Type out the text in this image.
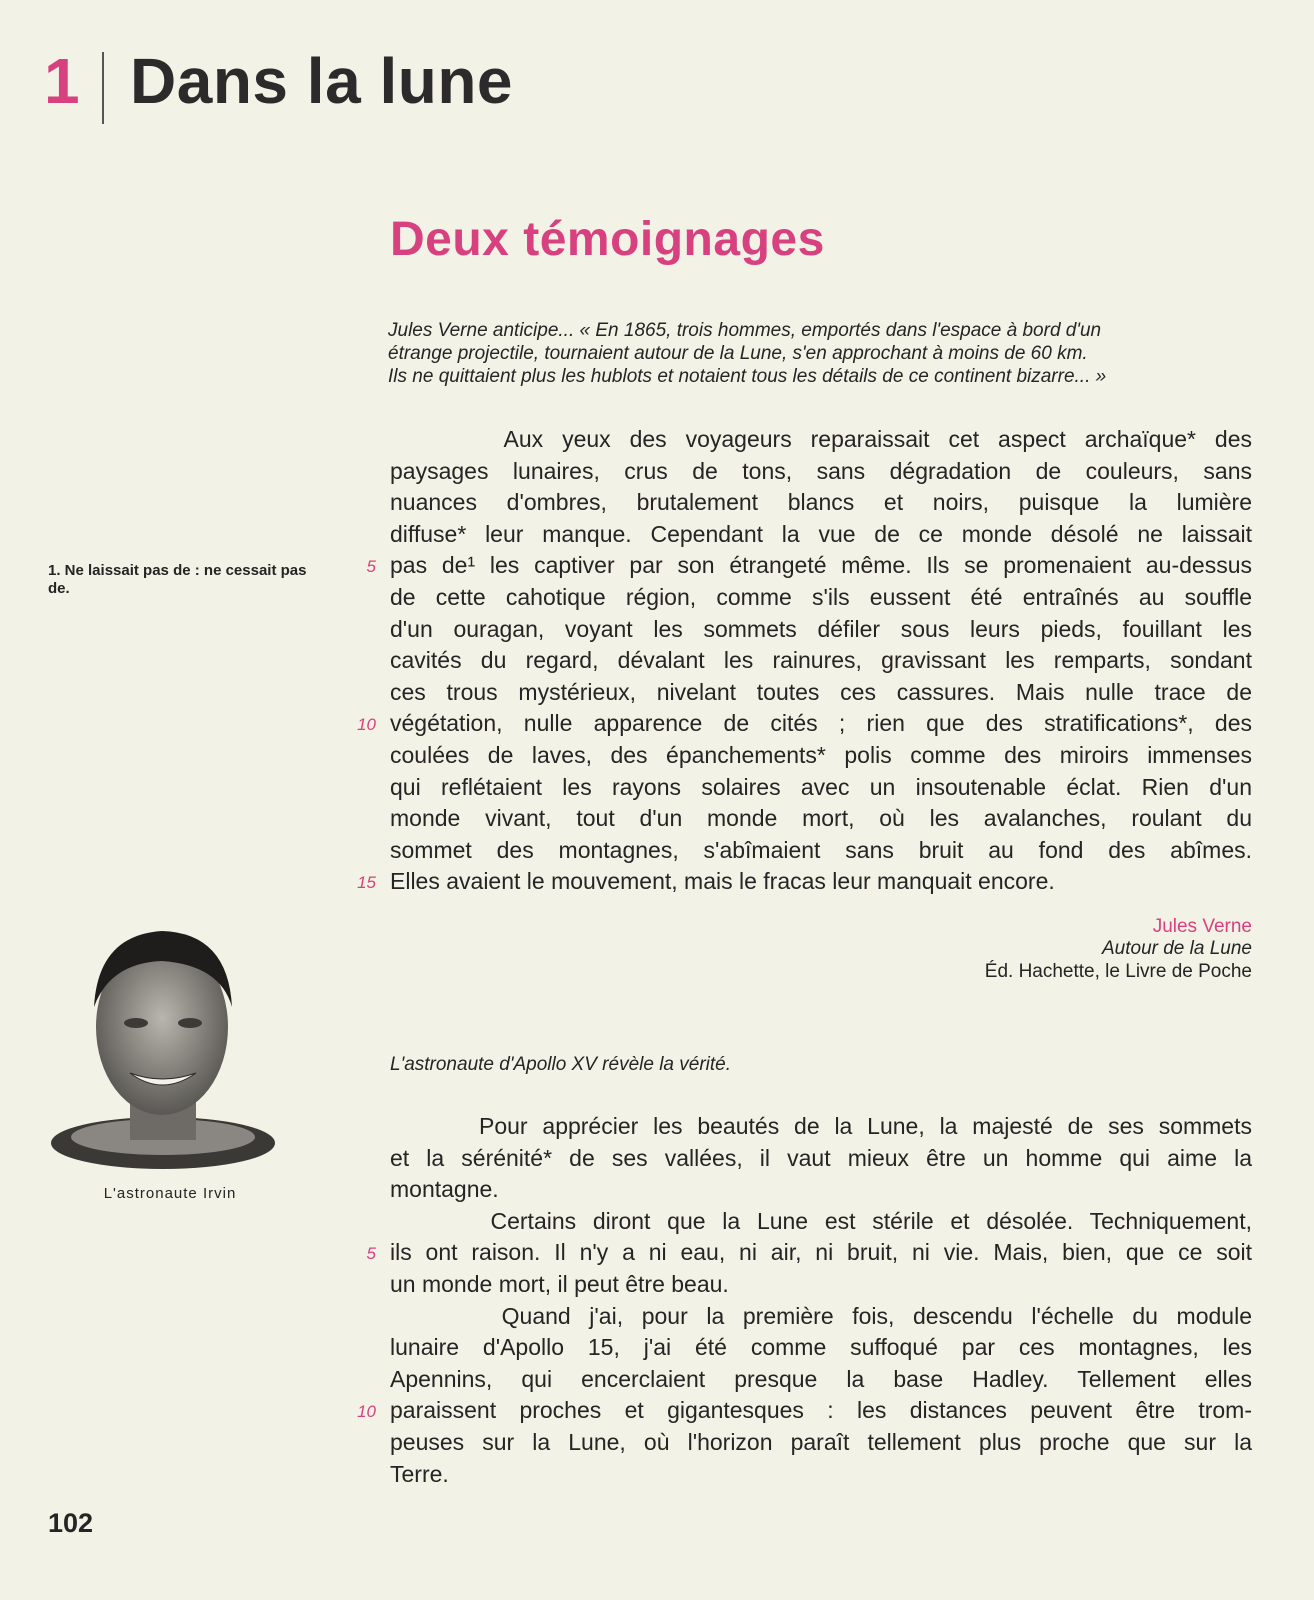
1 Dans la lune
Deux témoignages
Jules Verne anticipe... « En 1865, trois hommes, emportés dans l'espace à bord d'un
étrange projectile, tournaient autour de la Lune, s'en approchant à moins de 60 km.
Ils ne quittaient plus les hublots et notaient tous les détails de ce continent bizarre... »
Aux yeux des voyageurs reparaissait cet aspect archaïque* des
paysages lunaires, crus de tons, sans dégradation de couleurs, sans
nuances d'ombres, brutalement blancs et noirs, puisque la lumière
diffuse* leur manque. Cependant la vue de ce monde désolé ne laissait
pas de¹ les captiver par son étrangeté même. Ils se promenaient au-dessus
de cette cahotique région, comme s'ils eussent été entraînés au souffle
d'un ouragan, voyant les sommets défiler sous leurs pieds, fouillant les
cavités du regard, dévalant les rainures, gravissant les remparts, sondant
ces trous mystérieux, nivelant toutes ces cassures. Mais nulle trace de
végétation, nulle apparence de cités ; rien que des stratifications*, des
coulées de laves, des épanchements* polis comme des miroirs immenses
qui reflétaient les rayons solaires avec un insoutenable éclat. Rien d'un
monde vivant, tout d'un monde mort, où les avalanches, roulant du
sommet des montagnes, s'abîmaient sans bruit au fond des abîmes.
Elles avaient le mouvement, mais le fracas leur manquait encore.
5
10
15
1. Ne laissait pas de : ne cessait pas de.
Jules Verne
Autour de la Lune
Éd. Hachette, le Livre de Poche
L'astronaute d'Apollo XV révèle la vérité.
Pour apprécier les beautés de la Lune, la majesté de ses sommets
et la sérénité* de ses vallées, il vaut mieux être un homme qui aime la
montagne.
Certains diront que la Lune est stérile et désolée. Techniquement,
ils ont raison. Il n'y a ni eau, ni air, ni bruit, ni vie. Mais, bien, que ce soit
un monde mort, il peut être beau.
Quand j'ai, pour la première fois, descendu l'échelle du module
lunaire d'Apollo 15, j'ai été comme suffoqué par ces montagnes, les
Apennins, qui encerclaient presque la base Hadley. Tellement elles
paraissent proches et gigantesques : les distances peuvent être trom-
peuses sur la Lune, où l'horizon paraît tellement plus proche que sur la
Terre.
5
10
L'astronaute Irvin
102
